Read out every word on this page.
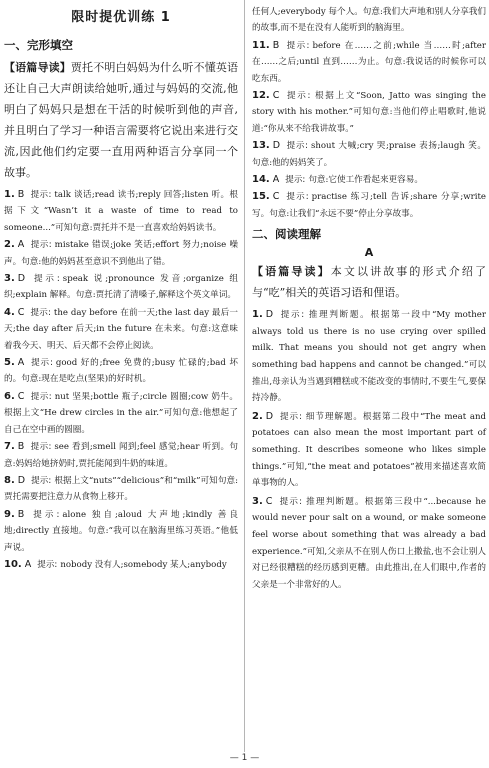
限时提优训练 1
一、完形填空
【语篇导读】贾托不明白妈妈为什么听不懂英语还让自己大声朗读给她听,通过与妈妈的交流,他明白了妈妈只是想在干活的时候听到他的声音,并且明白了学习一种语言需要将它说出来进行交流,因此他们约定要一直用两种语言分享同一个故事。
1. B 提示: talk 谈话;read 读书;reply 回答;listen 听。根据下文“Wasn’t it a waste of time to read to someone...”可知句意:贾托并不是一直喜欢给妈妈读书。
2. A 提示: mistake 错误;joke 笑话;effort 努力;noise 噪声。句意:他的妈妈甚至意识不到他出了错。
3. D 提示: speak 说;pronounce 发音;organize 组织;explain 解释。句意:贾托清了清嗓子,解释这个英文单词。
4. C 提示: the day before 在前一天;the last day 最后一天;the day after 后天;in the future 在未来。句意:这意味着我今天、明天、后天都不会停止阅读。
5. A 提示: good 好的;free 免费的;busy 忙碌的;bad 坏的。句意:现在是吃点(坚果)的好时机。
6. C 提示: nut 坚果;bottle 瓶子;circle 圆圈;cow 奶牛。根据上文“He drew circles in the air.”可知句意:他想起了自己在空中画的圆圈。
7. B 提示: see 看到;smell 闻到;feel 感觉;hear 听到。句意:妈妈给她挤奶时,贾托能闻到牛奶的味道。
8. D 提示: 根据上文“nuts”“delicious”和“milk”可知句意:贾托需要把注意力从食物上移开。
9. B 提示: alone 独自;aloud 大声地;kindly 善良地;directly 直接地。句意:“我可以在脑海里练习英语。”他低声说。
10. A 提示: nobody 没有人;somebody 某人;anybody
任何人;everybody 每个人。句意:我们大声地和别人分享我们的故事,而不是在没有人能听到的脑海里。
11. B 提示: before 在……之前;while 当……时;after 在……之后;until 直到……为止。句意:我说话的时候你可以吃东西。
12. C 提示: 根据上文“Soon, Jatto was singing the story with his mother.”可知句意:当他们停止唱歌时,他说道:“你从来不给我讲故事。”
13. D 提示: shout 大喊;cry 哭;praise 表扬;laugh 笑。句意:他的妈妈笑了。
14. A 提示: 句意:它使工作看起来更容易。
15. C 提示: practise 练习;tell 告诉;share 分享;write 写。句意:让我们“永远不要”停止分享故事。
二、阅读理解
A
【语篇导读】本文以讲故事的形式介绍了与“吃”相关的英语习语和俚语。
1. D 提示: 推理判断题。根据第一段中“My mother always told us there is no use crying over spilled milk. That means you should not get angry when something bad happens and cannot be changed.”可以推出,母亲认为当遇到糟糕或不能改变的事情时,不要生气,要保持冷静。
2. D 提示: 细节理解题。根据第二段中“The meat and potatoes can also mean the most important part of something. It describes someone who likes simple things.”可知,“the meat and potatoes”被用来描述喜欢简单事物的人。
3. C 提示: 推理判断题。根据第三段中“...because he would never pour salt on a wound, or make someone feel worse about something that was already a bad experience.”可知,父亲从不在别人伤口上撒盐,也不会让别人对已经很糟糕的经历感到更糟。由此推出,在人们眼中,作者的父亲是一个非常好的人。
— 1 —
